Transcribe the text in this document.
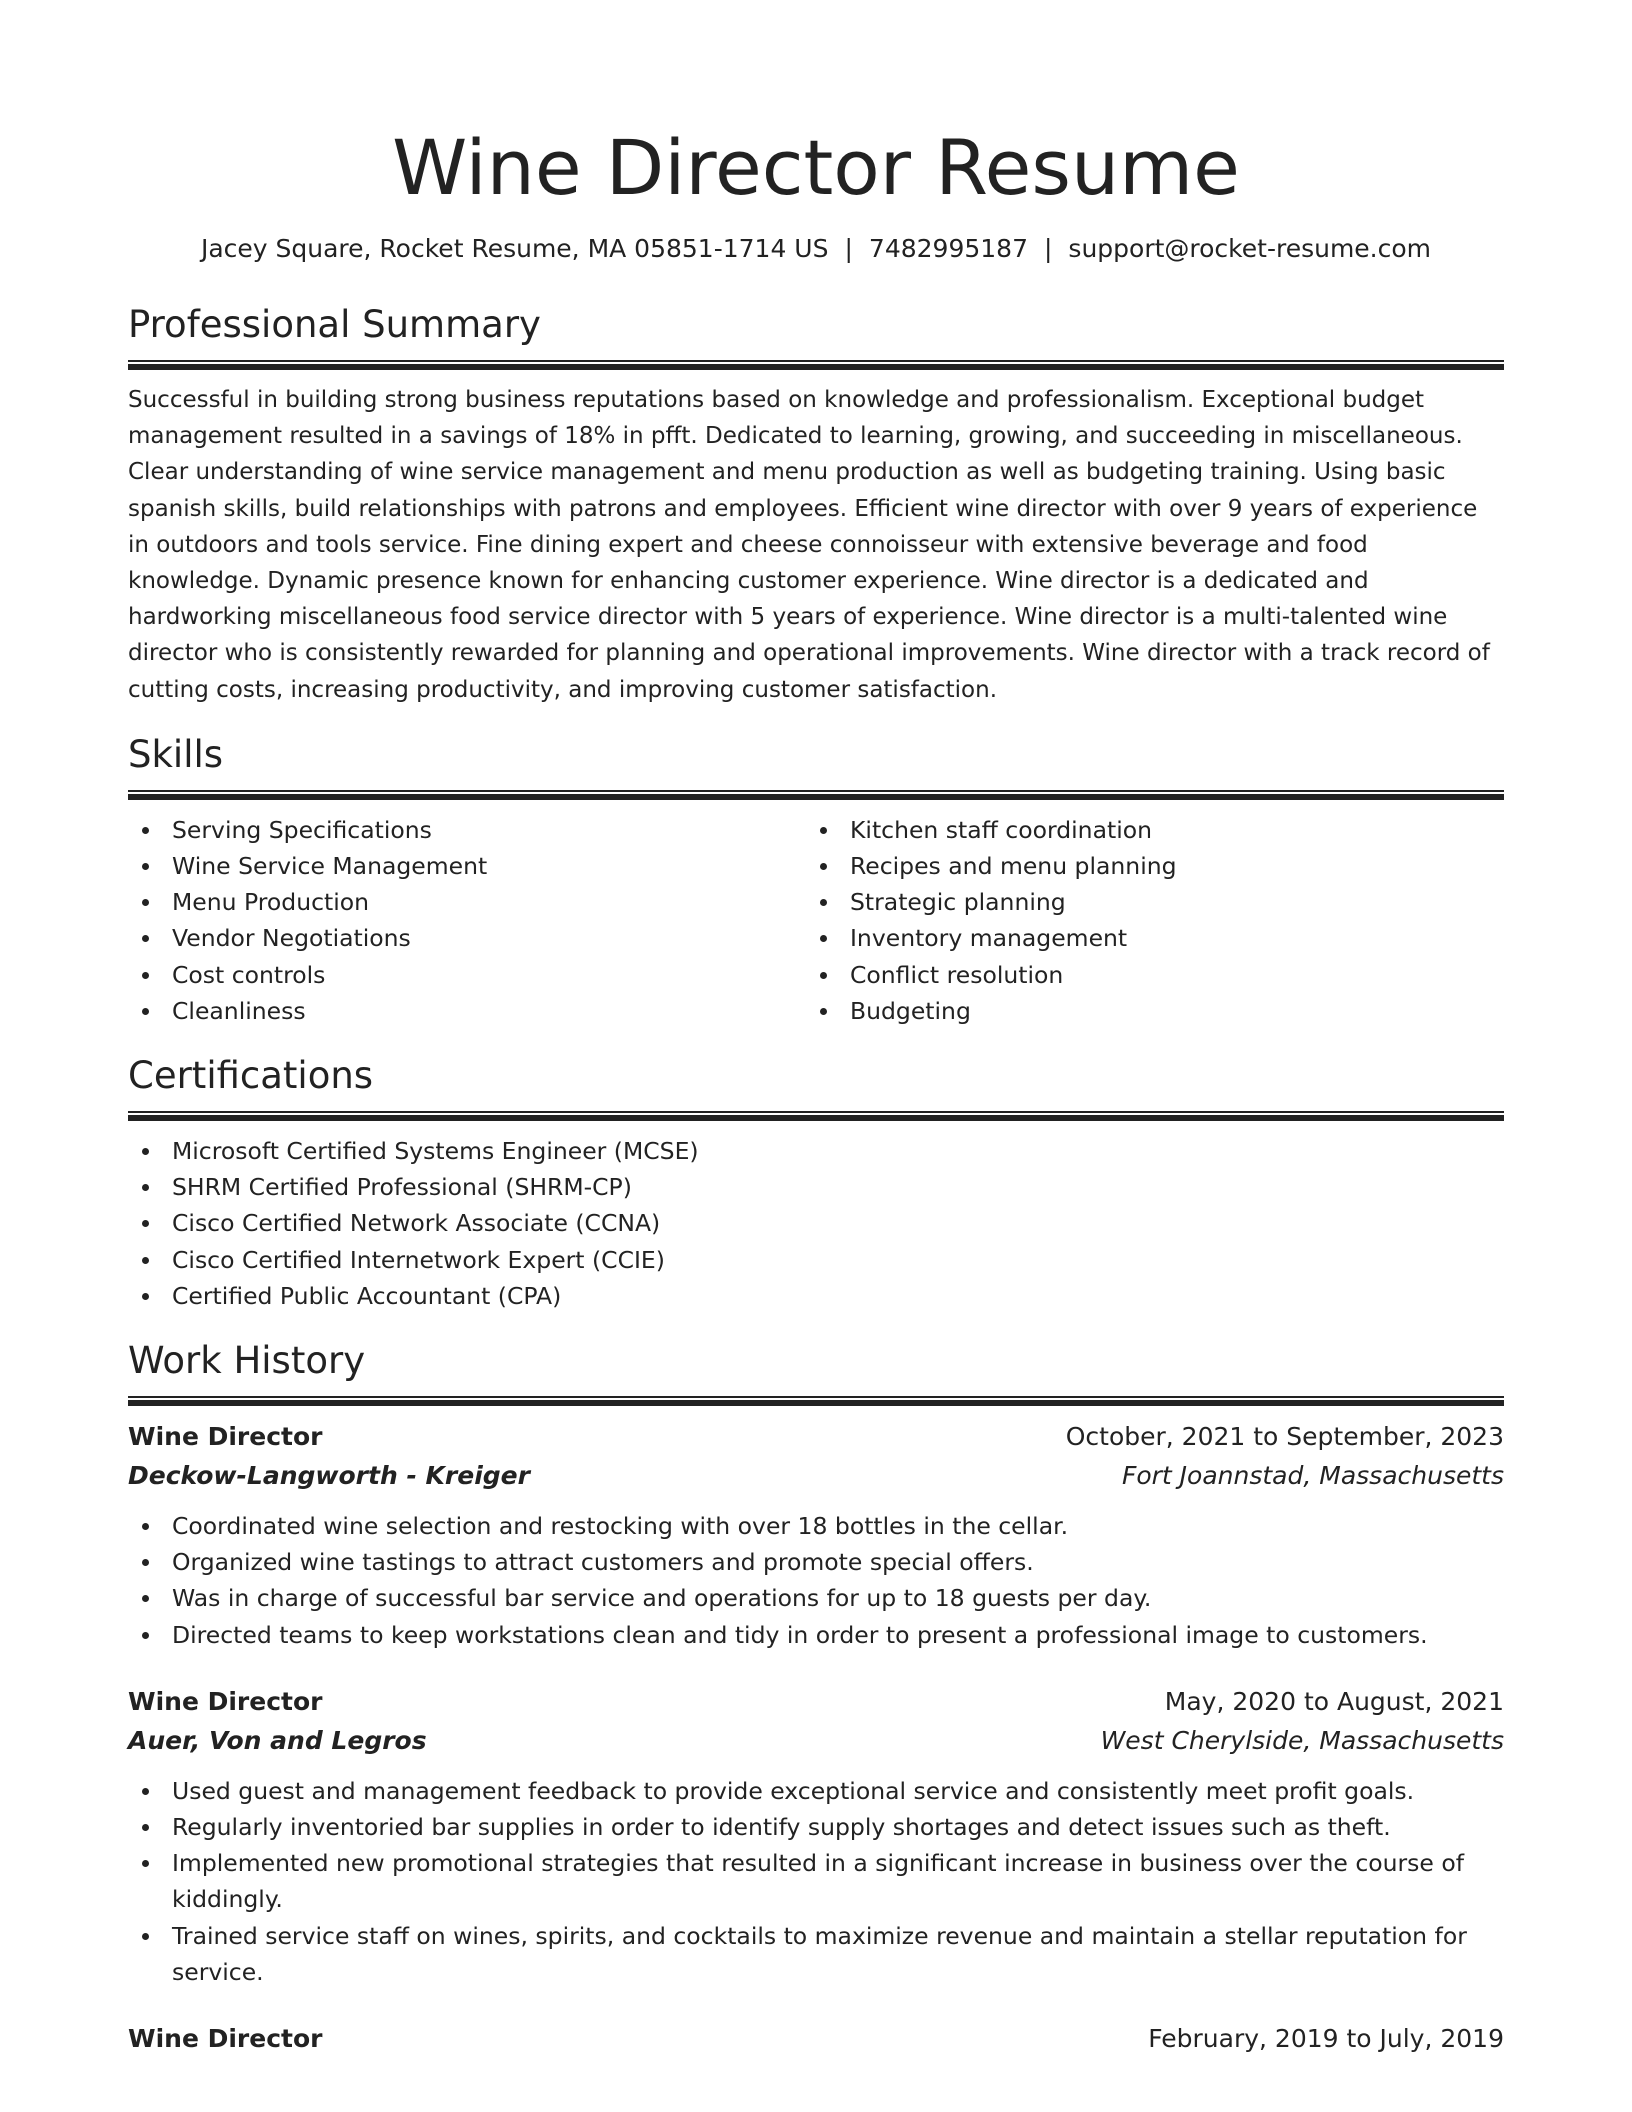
Wine Director Resume
Jacey Square, Rocket Resume, MA 05851-1714 US | 7482995187 | support@rocket-resume.com
Professional Summary

Successful in building strong business reputations based on knowledge and professionalism. Exceptional budget management resulted in a savings of 18% in pfft. Dedicated to learning, growing, and succeeding in miscellaneous. Clear understanding of wine service management and menu production as well as budgeting training. Using basic spanish skills, build relationships with patrons and employees. Efficient wine director with over 9 years of experience in outdoors and tools service. Fine dining expert and cheese connoisseur with extensive beverage and food knowledge. Dynamic presence known for enhancing customer experience. Wine director is a dedicated and hardworking miscellaneous food service director with 5 years of experience. Wine director is a multi-talented wine director who is consistently rewarded for planning and operational improvements. Wine director with a track record of cutting costs, increasing productivity, and improving customer satisfaction.

Skills
Serving Specifications
Wine Service Management
Menu Production
Vendor Negotiations
Cost controls
Cleanliness
Kitchen staff coordination
Recipes and menu planning
Strategic planning
Inventory management
Conflict resolution
Budgeting
Certifications
Microsoft Certified Systems Engineer (MCSE)
SHRM Certified Professional (SHRM-CP)
Cisco Certified Network Associate (CCNA)
Cisco Certified Internetwork Expert (CCIE)
Certified Public Accountant (CPA)
Work History
Wine Director	October, 2021 to September, 2023
Deckow-Langworth - Kreiger	Fort Joannstad, Massachusetts
Coordinated wine selection and restocking with over 18 bottles in the cellar.
Organized wine tastings to attract customers and promote special offers.
Was in charge of successful bar service and operations for up to 18 guests per day.
Directed teams to keep workstations clean and tidy in order to present a professional image to customers.
Wine Director	May, 2020 to August, 2021
Auer, Von and Legros	West Cherylside, Massachusetts
Used guest and management feedback to provide exceptional service and consistently meet profit goals.
Regularly inventoried bar supplies in order to identify supply shortages and detect issues such as theft.
Implemented new promotional strategies that resulted in a significant increase in business over the course of kiddingly.
Trained service staff on wines, spirits, and cocktails to maximize revenue and maintain a stellar reputation for service.
Wine Director	February, 2019 to July, 2019
